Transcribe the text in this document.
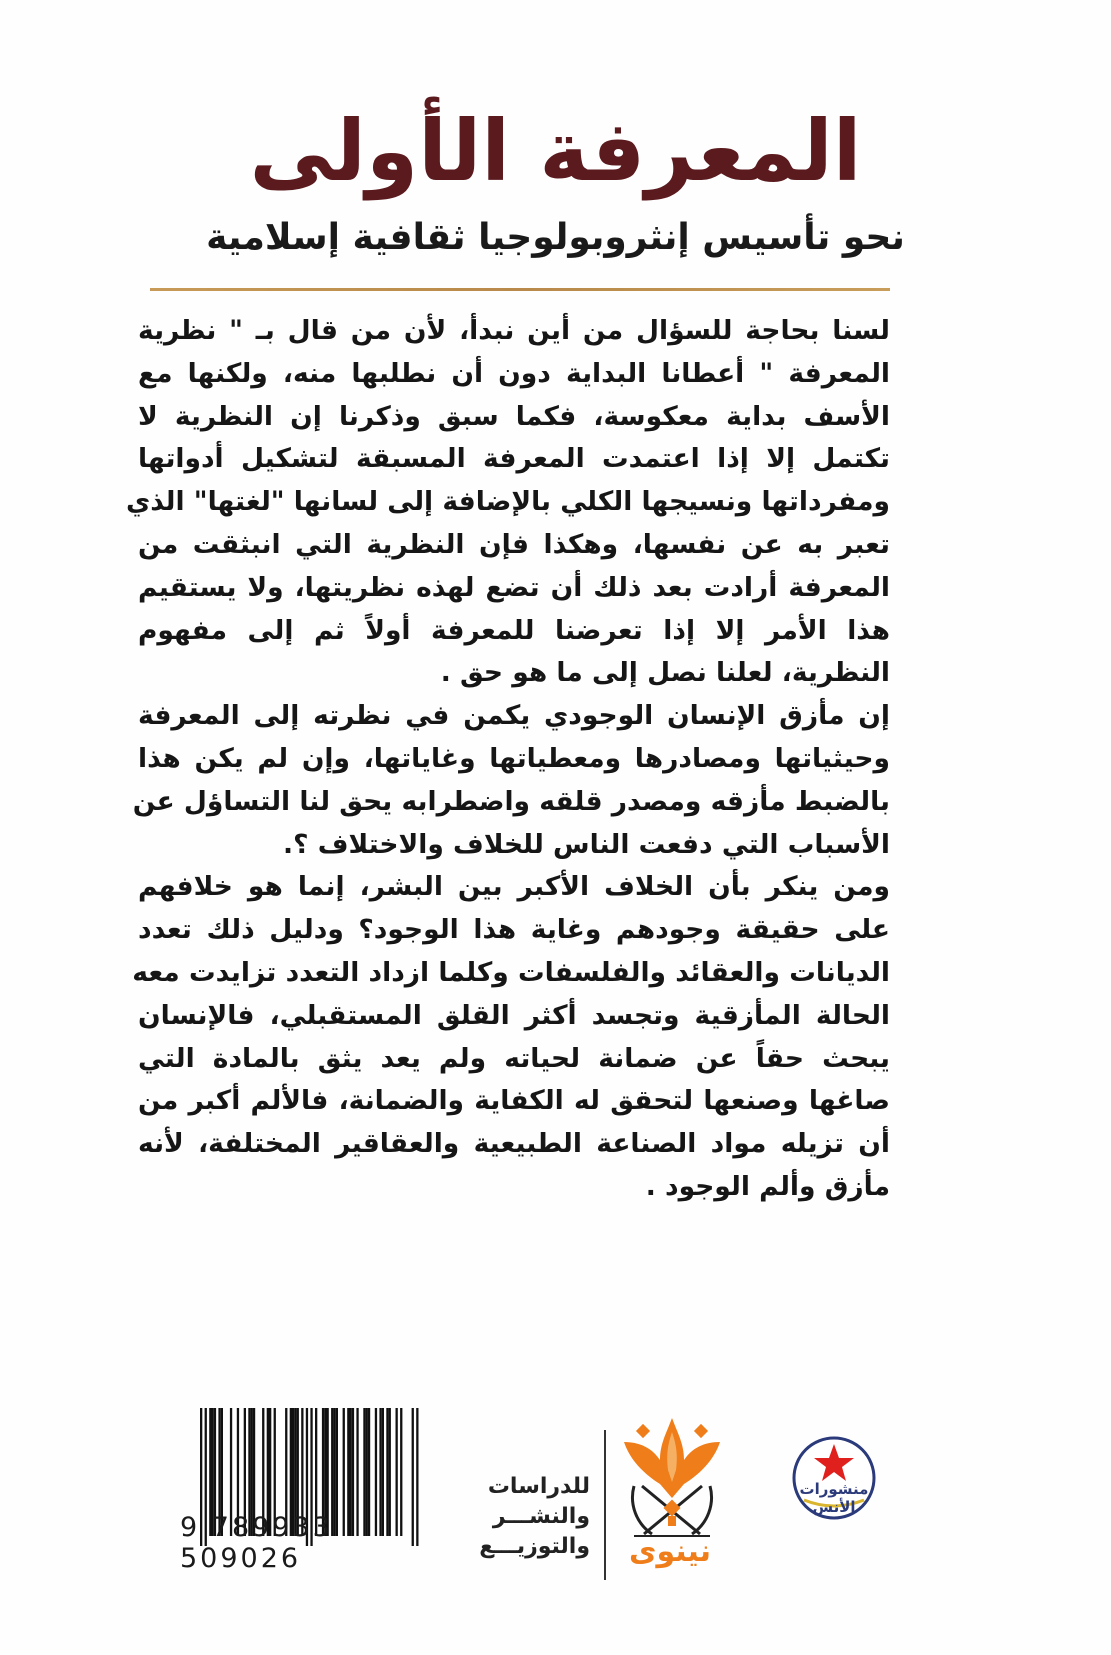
المعرفة الأولى
نحو تأسيس إنثروبولوجيا ثقافية إسلامية

لسنا بحاجة للسؤال من أين نبدأ، لأن من قال بـ " نظرية
المعرفة " أعطانا البداية دون أن نطلبها منه، ولكنها مع
الأسف بداية معكوسة، فكما سبق وذكرنا إن النظرية لا
تكتمل إلا إذا اعتمدت المعرفة المسبقة لتشكيل أدواتها
ومفرداتها ونسيجها الكلي بالإضافة إلى لسانها "لغتها" الذي
تعبر به عن نفسها، وهكذا فإن النظرية التي انبثقت من
المعرفة أرادت بعد ذلك أن تضع لهذه نظريتها، ولا يستقيم
هذا الأمر إلا إذا تعرضنا للمعرفة أولاً ثم إلى مفهوم
النظرية، لعلنا نصل إلى ما هو حق .

إن مأزق الإنسان الوجودي يكمن في نظرته إلى المعرفة
وحيثياتها ومصادرها ومعطياتها وغاياتها، وإن لم يكن هذا
بالضبط مأزقه ومصدر قلقه واضطرابه يحق لنا التساؤل عن
الأسباب التي دفعت الناس للخلاف والاختلاف ؟.

ومن ينكر بأن الخلاف الأكبر بين البشر، إنما هو خلافهم
على حقيقة وجودهم وغاية هذا الوجود؟ ودليل ذلك تعدد
الديانات والعقائد والفلسفات وكلما ازداد التعدد تزايدت معه
الحالة المأزقية وتجسد أكثر القلق المستقبلي، فالإنسان
يبحث حقاً عن ضمانة لحياته ولم يعد يثق بالمادة التي
صاغها وصنعها لتحقق له الكفاية والضمانة، فالألم أكبر من
أن تزيله مواد الصناعة الطبيعية والعقاقير المختلفة، لأنه
مأزق وألم الوجود .

9 789933 509026
للدراسات
والنشـــر
والتوزيـــع نينوى
منشورات الأنس
